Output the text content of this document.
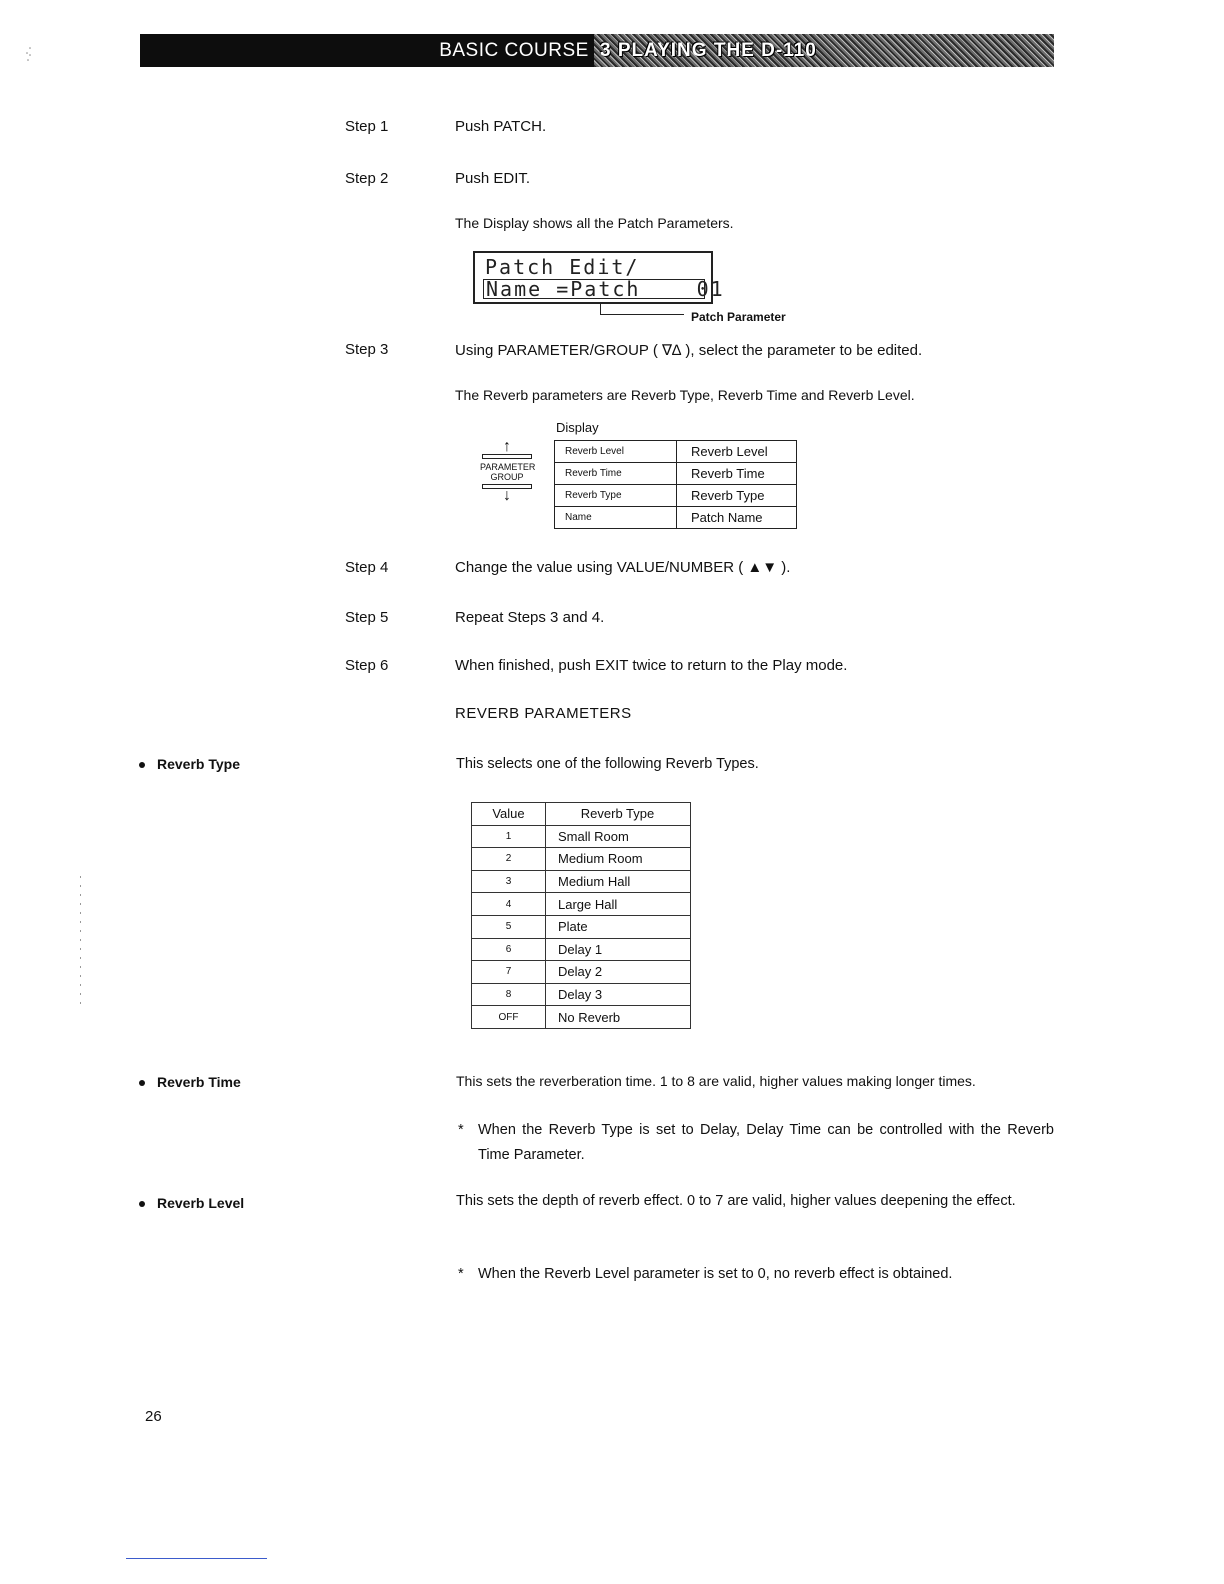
BASIC COURSE 3 PLAYING THE D-110
Step 1	Push PATCH.
Step 2	Push EDIT.
The Display shows all the Patch Parameters.
Patch Edit/
Name =Patch    01
Patch Parameter
Step 3	Using PARAMETER/GROUP ( ∇∆ ), select the parameter to be edited.
The Reverb parameters are Reverb Type, Reverb Time and Reverb Level.
Display
↑
PARAMETER
GROUP
↓
Reverb Level	Reverb Level
Reverb Time	Reverb Time
Reverb Type	Reverb Type
Name	Patch Name
Step 4	Change the value using VALUE/NUMBER ( ▲▼ ).
Step 5	Repeat Steps 3 and 4.
Step 6	When finished, push EXIT twice to return to the Play mode.
REVERB PARAMETERS
Reverb Type	This selects one of the following Reverb Types.
Value	Reverb Type
1	Small Room
2	Medium Room
3	Medium Hall
4	Large Hall
5	Plate
6	Delay 1
7	Delay 2
8	Delay 3
OFF	No Reverb
Reverb Time	This sets the reverberation time. 1 to 8 are valid, higher values making longer times.
* When the Reverb Type is set to Delay, Delay Time can be controlled with the Reverb Time Parameter.
Reverb Level	This sets the depth of reverb effect. 0 to 7 are valid, higher values deepening the effect.
* When the Reverb Level parameter is set to 0, no reverb effect is obtained.
26
